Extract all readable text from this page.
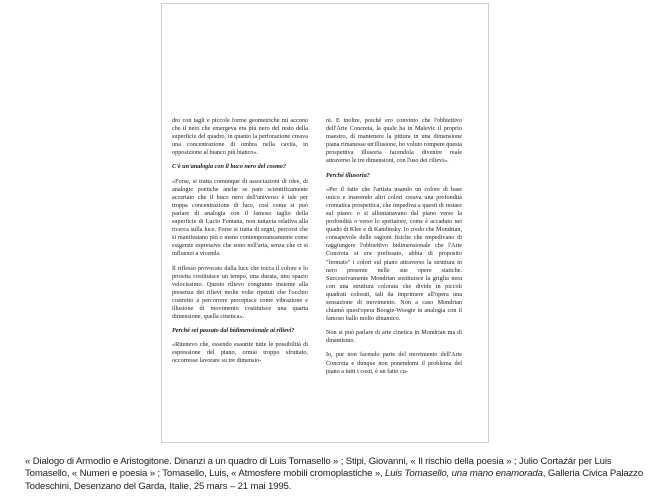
dro con tagli e piccole forme geometriche mi accorsi che il nero che emergeva era più nero del resto della superficie del quadro, in quanto la perforazione creava una concentrazione di ombra nella cavità, in opposizione al bianco più bianco».

C'è un'analogia con il buco nero del cosmo?

«Forse, si tratta comunque di associazioni di idee, di analogie poetiche anche se pare scientificamente accertato che il buco nero dell'universo è tale per troppa concentrazione di luce, così come si può parlare di analogia con il famoso taglio della superficie di Lucio Fontana, non tuttavia relativa alla ricerca sulla luce. Forse si tratta di segni, percorsi che si manifestano più o meno contemporaneamente come esigenze espressive che sono nell'aria, senza che ci si influenzi a vicenda.

Il riflesso provocato dalla luce che tocca il colore e lo proietta costituisce un tempo, una durata, uno spazio velocissimo. Questo rilievo congiunto insieme alla presenza dei rilievi molte volte ripetuti che l'occhio costretto a percorrere percepisce come vibrazione e illusione di movimento costituisce una quarta dimensione, quella cinetica».

Perché sei passato dal bidimensionale ai rilievi?

«Ritenevo che, essendo esaurite tutte le possibilità di espressione del piano, ormai troppo sfruttato, occorresse lavorare su tre dimensio-

ni. E inoltre, poiché ero convinto che l'obbiettivo dell'Arte Concreta, la quale ha in Malevic il proprio maestro, di mantenere la pittura in una dimensione piana rimanesse un'illusione, ho voluto rompere questa prospettiva illusoria facendola divenire reale attraverso le tre dimensioni, con l'uso dei rilievi».

Perché illusoria?

«Per il fatto che l'artista usando un colore di base unico e inserendo altri colori creava una profondità cromatica prospettica, che impediva a questi di restare sul piano: o si allontanavano dal piano verso la profondità o verso lo spettatore, come è accaduto nei quadri di Klee e di Kandinsky. Io credo che Mondrian, consapevole delle ragioni fisiche che impedivano di raggiungere l'obbiettivo bidimensionale che l'Arte Concreta si era prefissato, abbia di proposito "fermato" i colori sul piano attraverso la struttura in nero presente nelle sue opere statiche. Successivamente Mondrian sostituisce la griglia nera con una struttura colorata che divide in piccoli quadrati colorati, tali da imprimere all'opera una sensazione di movimento. Non a caso Mondrian chiamò quest'opera Boogie-Woogie in analogia con il famoso ballo molto dinamico.

Non si può parlare di arte cinetica in Mondrian ma di dinamismo.

Io, pur non facendo parte del movimento dell'Arte Concreta e dunque non ponendomi il problema del piano a tutti i costi, è un fatto cu-

« Dialogo di Armodio e Aristogitone. Dinanzi a un quadro di Luis Tomasello » ; Stipi, Giovanni, « Il rischio della poesia » ; Julio Cortazár per Luis Tomasello, « Numeri e poesia » ; Tomasello, Luis, « Atmosfere mobili cromoplastiche », Luis Tomasello, una mano enamorada, Galleria Civica Palazzo Todeschini, Desenzano del Garda, Italie, 25 mars – 21 mai 1995.
